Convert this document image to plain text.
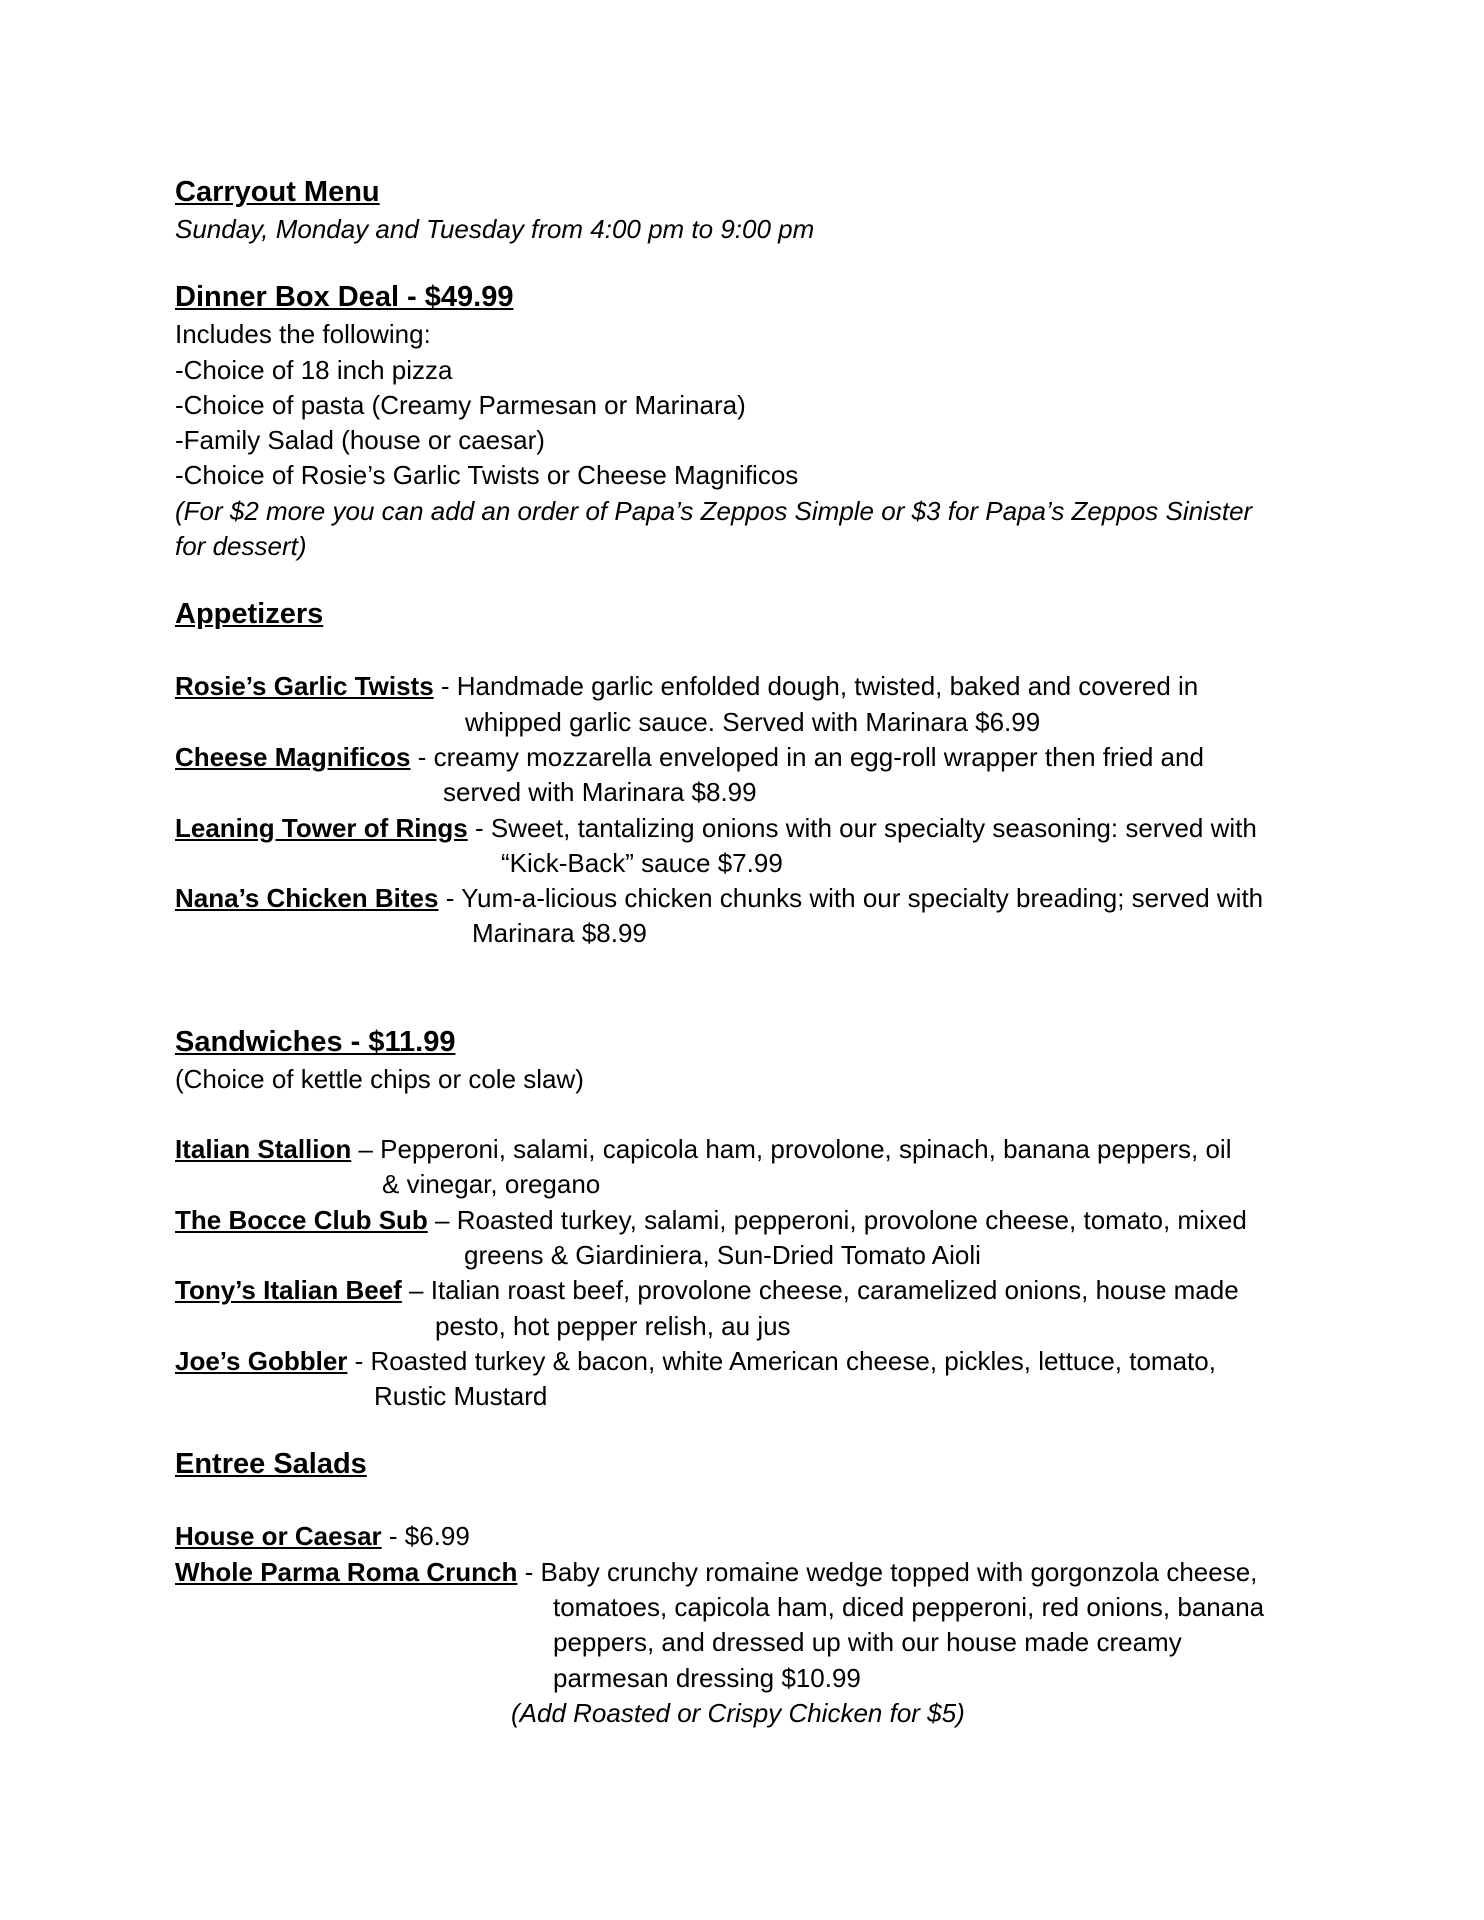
Carryout Menu
Sunday, Monday and Tuesday from 4:00 pm to 9:00 pm
Dinner Box Deal - $49.99
Includes the following:
-Choice of 18 inch pizza
-Choice of pasta (Creamy Parmesan or Marinara)
-Family Salad (house or caesar)
-Choice of Rosie’s Garlic Twists or Cheese Magnificos
(For $2 more you can add an order of Papa’s Zeppos Simple or $3 for Papa’s Zeppos Sinister
for dessert)
Appetizers
Rosie’s Garlic Twists - Handmade garlic enfolded dough, twisted, baked and covered in
whipped garlic sauce. Served with Marinara $6.99
Cheese Magnificos - creamy mozzarella enveloped in an egg-roll wrapper then fried and
served with Marinara $8.99
Leaning Tower of Rings - Sweet, tantalizing onions with our specialty seasoning: served with
“Kick-Back” sauce $7.99
Nana’s Chicken Bites - Yum-a-licious chicken chunks with our specialty breading; served with
Marinara $8.99
Sandwiches - $11.99
(Choice of kettle chips or cole slaw)
Italian Stallion – Pepperoni, salami, capicola ham, provolone, spinach, banana peppers, oil
& vinegar, oregano
The Bocce Club Sub – Roasted turkey, salami, pepperoni, provolone cheese, tomato, mixed
greens & Giardiniera, Sun-Dried Tomato Aioli
Tony’s Italian Beef – Italian roast beef, provolone cheese, caramelized onions, house made
pesto, hot pepper relish, au jus
Joe’s Gobbler - Roasted turkey & bacon, white American cheese, pickles, lettuce, tomato,
Rustic Mustard
Entree Salads
House or Caesar - $6.99
Whole Parma Roma Crunch - Baby crunchy romaine wedge topped with gorgonzola cheese,
tomatoes, capicola ham, diced pepperoni, red onions, banana
peppers, and dressed up with our house made creamy
parmesan dressing $10.99
(Add Roasted or Crispy Chicken for $5)
